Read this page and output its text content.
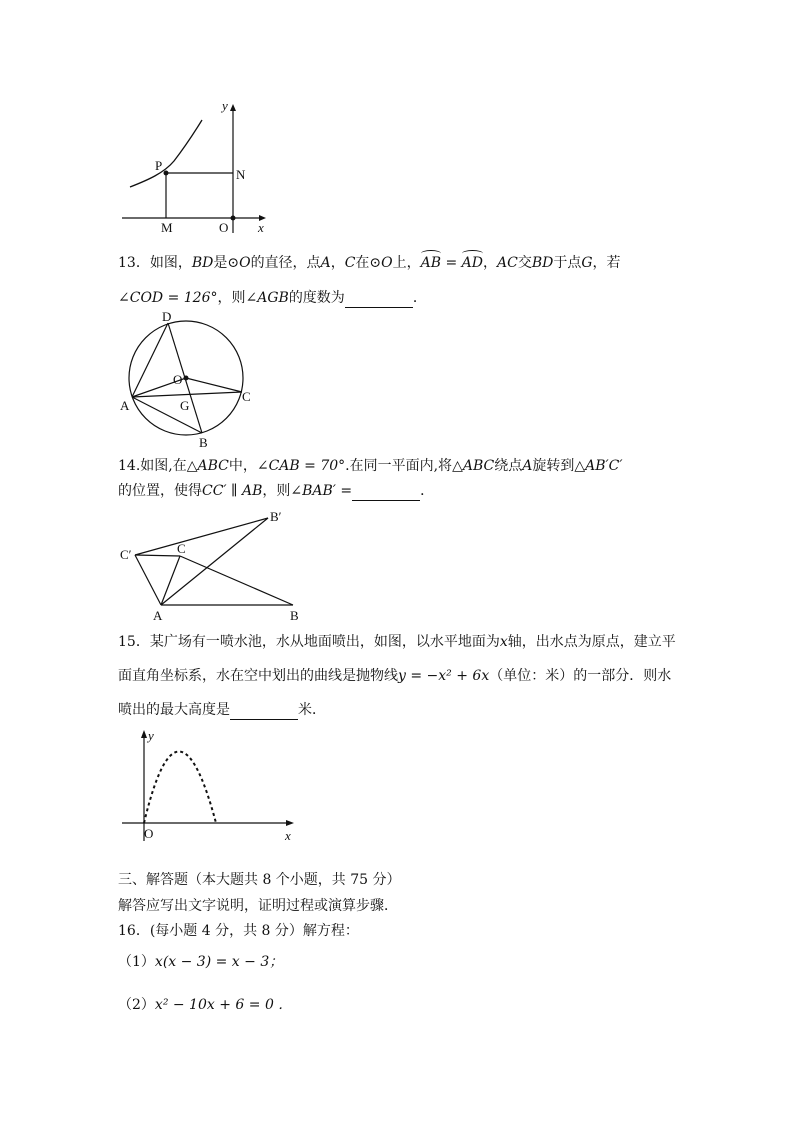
y
x
P
N
M	O
13．如图，BD是⊙O的直径，点A，C在⊙O上，AB = AD，AC交BD于点G，若
∠COD = 126°，则∠AGB的度数为	．
D
O
A	G
C
B
14.如图,在△ABC中，∠CAB = 70°.在同一平面内,将△ABC绕点A旋转到△AB′C′
的位置，使得CC′ ∥ AB，则∠BAB′ =	．
B′
C′	C
A	B
15．某广场有一喷水池，水从地面喷出，如图，以水平地面为x轴，出水点为原点，建立平
面直角坐标系，水在空中划出的曲线是抛物线y = −x² + 6x（单位：米）的一部分．则水
喷出的最大高度是	米．
y
O	x
三、解答题（本大题共 8 个小题，共 75 分）
解答应写出文字说明，证明过程或演算步骤．
16．(每小题 4 分，共 8 分）解方程：
（1）x(x − 3) = x − 3；
（2）x² − 10x + 6 = 0 ．
